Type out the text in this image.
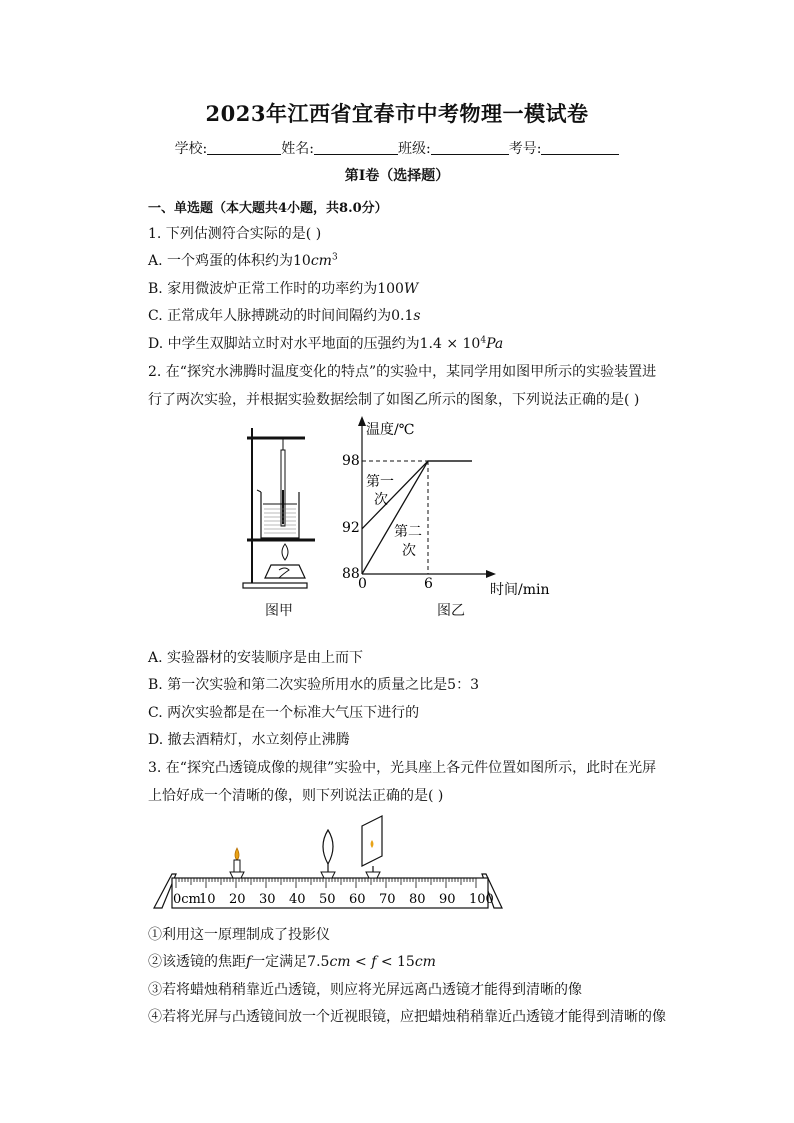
2023年江西省宜春市中考物理一模试卷
学校:	姓名:	班级:	考号:
第I卷（选择题）
一、单选题（本大题共4小题，共8.0分）
1. 下列估测符合实际的是( )
A. 一个鸡蛋的体积约为$10cm^3$
B. 家用微波炉正常工作时的功率约为100W
C. 正常成年人脉搏跳动的时间间隔约为0.1s
D. 中学生双脚站立时对水平地面的压强约为$1.4 \times 10^4Pa$
2. 在“探究水沸腾时温度变化的特点”的实验中，某同学用如图甲所示的实验装置进
行了两次实验，并根据实验数据绘制了如图乙所示的图象，下列说法正确的是( )
图甲
温度/℃
时间/min
98
92
88
0	6
第一
次
第二
次
图乙
A. 实验器材的安装顺序是由上而下
B. 第一次实验和第二次实验所用水的质量之比是5：3
C. 两次实验都是在一个标准大气压下进行的
D. 撤去酒精灯，水立刻停止沸腾
3. 在“探究凸透镜成像的规律”实验中，光具座上各元件位置如图所示，此时在光屏
上恰好成一个清晰的像，则下列说法正确的是( )
0cm
10 20 30 40 50 60 70 80 90 100
①利用这一原理制成了投影仪
②该透镜的焦距f一定满足7.5cm < f < 15cm
③若将蜡烛稍稍靠近凸透镜，则应将光屏远离凸透镜才能得到清晰的像
④若将光屏与凸透镜间放一个近视眼镜，应把蜡烛稍稍靠近凸透镜才能得到清晰的像
